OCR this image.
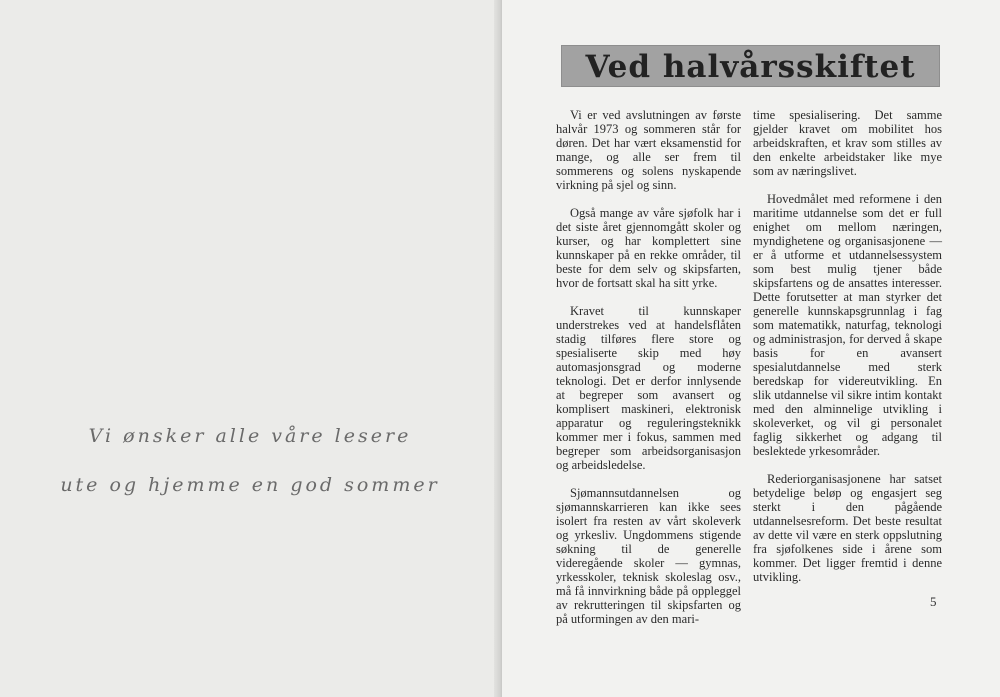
Vi ønsker alle våre lesere
ute og hjemme en god sommer
Ved halvårsskiftet

Vi er ved avslutningen av første halvår 1973 og sommeren står for døren. Det har vært eksamenstid for mange, og alle ser frem til sommerens og solens nyskapende virkning på sjel og sinn.

Også mange av våre sjøfolk har i det siste året gjennomgått skoler og kurser, og har komplettert sine kunnskaper på en rekke områder, til beste for dem selv og skipsfarten, hvor de fortsatt skal ha sitt yrke.

Kravet til kunnskaper understrekes ved at handelsflåten stadig tilføres flere store og spesialiserte skip med høy automasjonsgrad og moderne teknologi. Det er derfor innlysende at begreper som avansert og komplisert maskineri, elektronisk apparatur og reguleringsteknikk kommer mer i fokus, sammen med begreper som arbeidsorganisasjon og arbeidsledelse.

Sjømannsutdannelsen og sjømannskarrieren kan ikke sees isolert fra resten av vårt skoleverk og yrkesliv. Ungdommens stigende søkning til de generelle videregående skoler — gymnas, yrkesskoler, teknisk skoleslag osv., må få innvirkning både på oppleggel av rekrutteringen til skipsfarten og på utformingen av den mari-

time spesialisering. Det samme gjelder kravet om mobilitet hos arbeidskraften, et krav som stilles av den enkelte arbeidstaker like mye som av næringslivet.

Hovedmålet med reformene i den maritime utdannelse som det er full enighet om mellom næringen, myndighetene og organisasjonene — er å utforme et utdannelsessystem som best mulig tjener både skipsfartens og de ansattes interesser. Dette forutsetter at man styrker det generelle kunnskapsgrunnlag i fag som matematikk, naturfag, teknologi og administrasjon, for derved å skape basis for en avansert spesialutdannelse med sterk beredskap for videreutvikling. En slik utdannelse vil sikre intim kontakt med den alminnelige utvikling i skoleverket, og vil gi personalet faglig sikkerhet og adgang til beslektede yrkesområder.

Rederiorganisasjonene har satset betydelige beløp og engasjert seg sterkt i den pågående utdannelsesreform. Det beste resultat av dette vil være en sterk oppslutning fra sjøfolkenes side i årene som kommer. Det ligger fremtid i denne utvikling.

5
